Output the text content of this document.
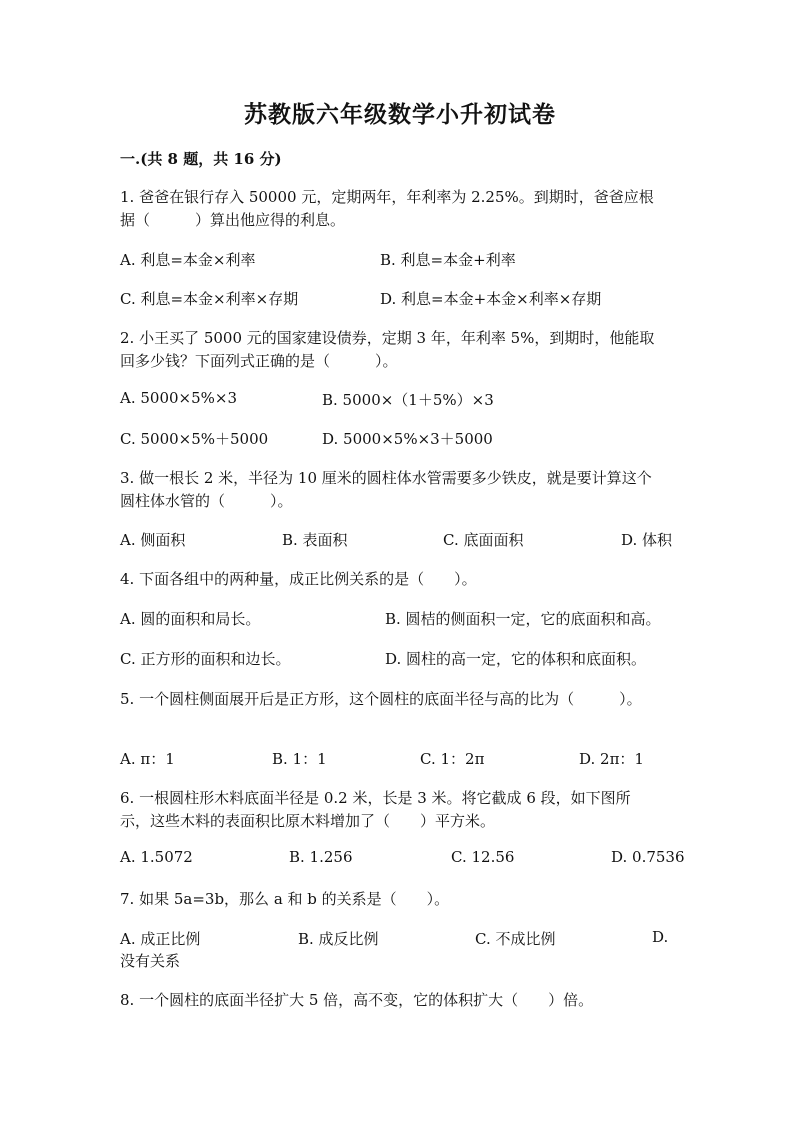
苏教版六年级数学小升初试卷
一.(共 8 题，共 16 分)
1. 爸爸在银行存入 50000 元，定期两年，年利率为 2.25%。到期时，爸爸应根
据（　　　）算出他应得的利息。
A. 利息=本金×利率	B. 利息=本金+利率
C. 利息=本金×利率×存期	D. 利息=本金+本金×利率×存期
2. 小王买了 5000 元的国家建设债券，定期 3 年，年利率 5%，到期时，他能取
回多少钱？下面列式正确的是（　　　）。
A. 5000×5%×3	B. 5000×（1＋5%）×3
C. 5000×5%＋5000	D. 5000×5%×3＋5000
3. 做一根长 2 米，半径为 10 厘米的圆柱体水管需要多少铁皮，就是要计算这个
圆柱体水管的（　　　）。
A. 侧面积	B. 表面积	C. 底面面积	D. 体积
4. 下面各组中的两种量，成正比例关系的是（　　）。
A. 圆的面积和局长。	B. 圆桔的侧面积一定，它的底面积和高。
C. 正方形的面积和边长。	D. 圆柱的高一定，它的体积和底面积。
5. 一个圆柱侧面展开后是正方形，这个圆柱的底面半径与高的比为（　　　）。
A. π：1	B. 1：1	C. 1：2π	D. 2π：1
6. 一根圆柱形木料底面半径是 0.2 米，长是 3 米。将它截成 6 段，如下图所
示，这些木料的表面积比原木料增加了（　　）平方米。
A. 1.5072	B. 1.256	C. 12.56	D. 0.7536
7. 如果 5a=3b，那么 a 和 b 的关系是（　　）。
A. 成正比例	B. 成反比例	C. 不成比例	D.
没有关系
8. 一个圆柱的底面半径扩大 5 倍，高不变，它的体积扩大（　　）倍。
